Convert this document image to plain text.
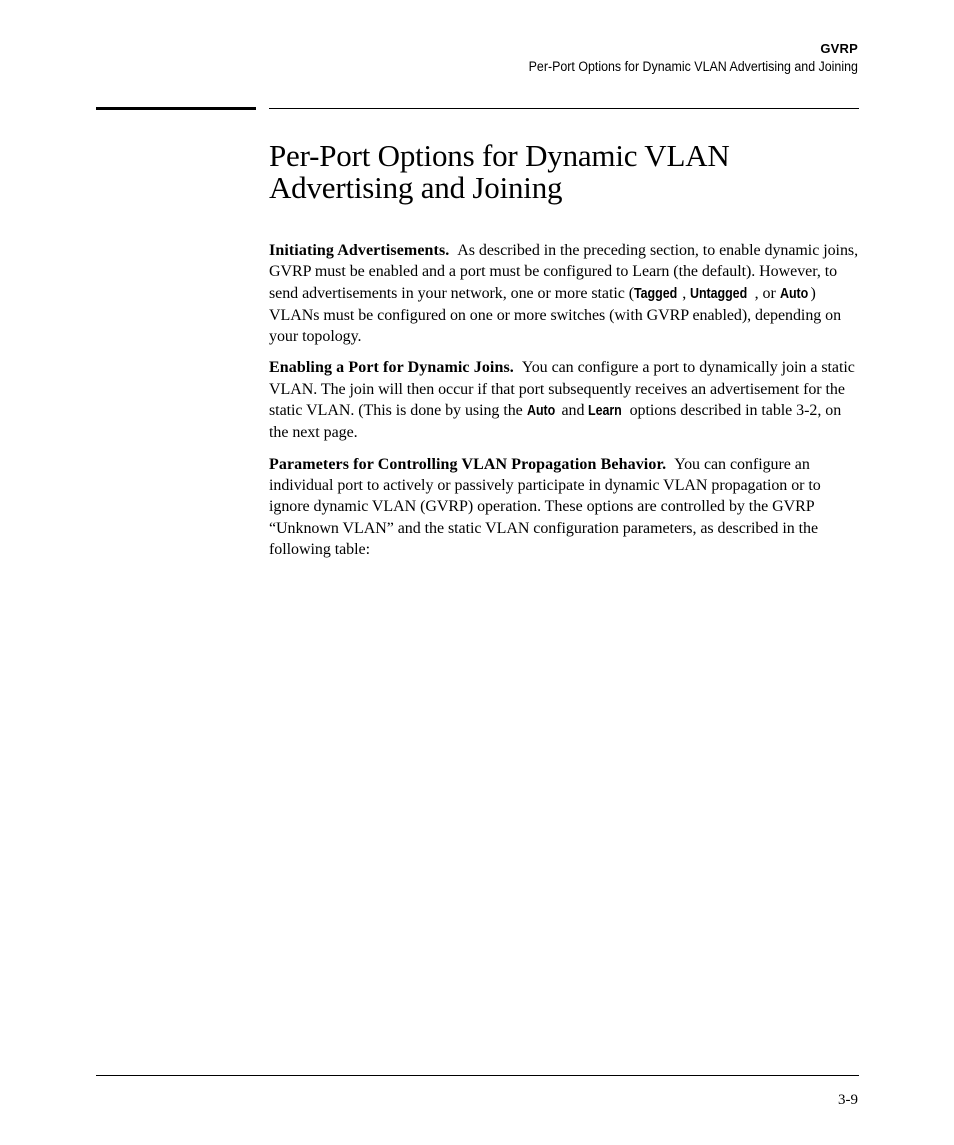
GVRP
Per-Port Options for Dynamic VLAN Advertising and Joining
Per-Port Options for Dynamic VLAN
Advertising and Joining

Initiating Advertisements. As described in the preceding section, to enable dynamic joins, GVRP must be enabled and a port must be configured to Learn (the default). However, to send advertisements in your network, one or more static (Tagged , Untagged , or Auto ) VLANs must be configured on one or more switches (with GVRP enabled), depending on your topology.

Enabling a Port for Dynamic Joins. You can configure a port to dynamically join a static VLAN. The join will then occur if that port subsequently receives an advertisement for the static VLAN. (This is done by using the Auto and Learn options described in table 3-2, on the next page.

Parameters for Controlling VLAN Propagation Behavior. You can configure an individual port to actively or passively participate in dynamic VLAN propagation or to ignore dynamic VLAN (GVRP) operation. These options are controlled by the GVRP “Unknown VLAN” and the static VLAN configuration parameters, as described in the following table:

3-9
